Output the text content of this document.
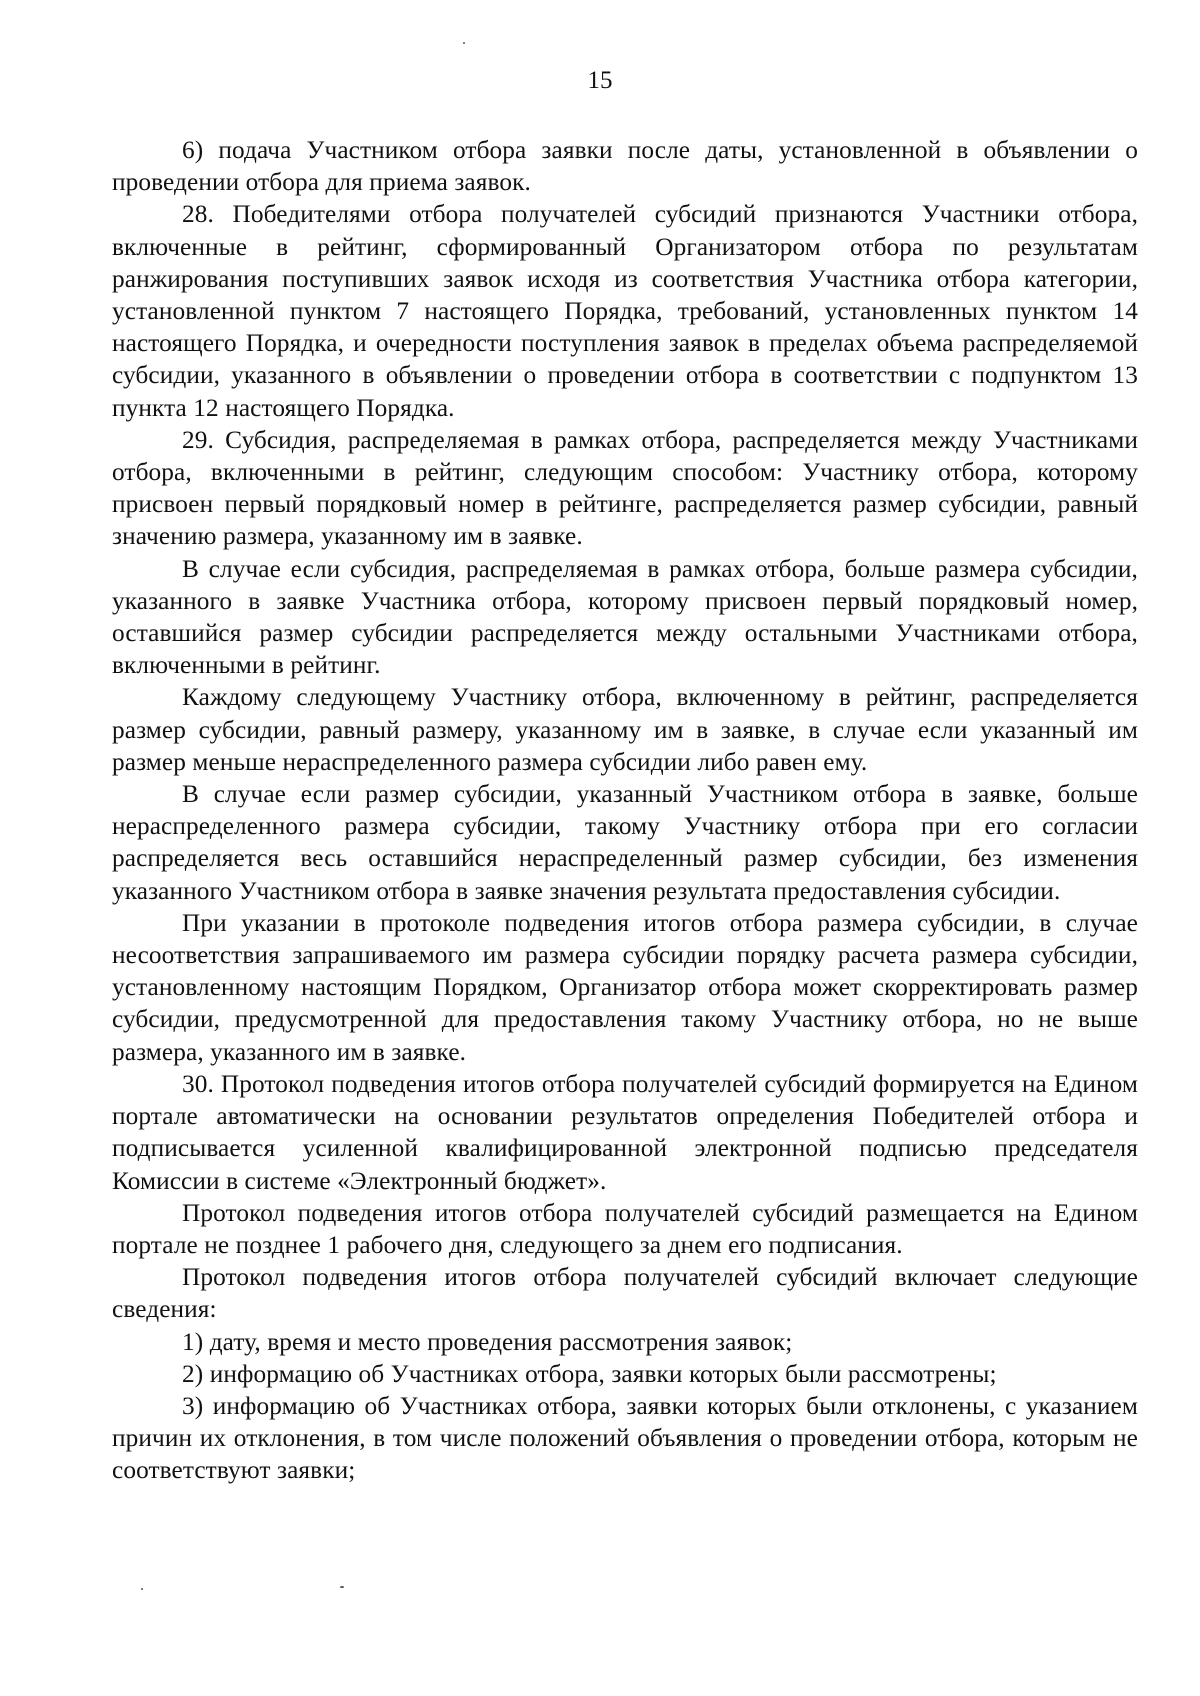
15

6) подача Участником отбора заявки после даты, установленной в объявлении о проведении отбора для приема заявок.

28. Победителями отбора получателей субсидий признаются Участники отбора, включенные в рейтинг, сформированный Организатором отбора по результатам ранжирования поступивших заявок исходя из соответствия Участника отбора категории, установленной пунктом 7 настоящего Порядка, требований, установленных пунктом 14 настоящего Порядка, и очередности поступления заявок в пределах объема распределяемой субсидии, указанного в объявлении о проведении отбора в соответствии с подпунктом 13 пункта 12 настоящего Порядка.

29. Субсидия, распределяемая в рамках отбора, распределяется между Участниками отбора, включенными в рейтинг, следующим способом: Участнику отбора, которому присвоен первый порядковый номер в рейтинге, распределяется размер субсидии, равный значению размера, указанному им в заявке.

В случае если субсидия, распределяемая в рамках отбора, больше размера субсидии, указанного в заявке Участника отбора, которому присвоен первый порядковый номер, оставшийся размер субсидии распределяется между остальными Участниками отбора, включенными в рейтинг.

Каждому следующему Участнику отбора, включенному в рейтинг, распределяется размер субсидии, равный размеру, указанному им в заявке, в случае если указанный им размер меньше нераспределенного размера субсидии либо равен ему.

В случае если размер субсидии, указанный Участником отбора в заявке, больше нераспределенного размера субсидии, такому Участнику отбора при его согласии распределяется весь оставшийся нераспределенный размер субсидии, без изменения указанного Участником отбора в заявке значения результата предоставления субсидии.

При указании в протоколе подведения итогов отбора размера субсидии, в случае несоответствия запрашиваемого им размера субсидии порядку расчета размера субсидии, установленному настоящим Порядком, Организатор отбора может скорректировать размер субсидии, предусмотренной для предоставления такому Участнику отбора, но не выше размера, указанного им в заявке.

30. Протокол подведения итогов отбора получателей субсидий формируется на Едином портале автоматически на основании результатов определения Победителей отбора и подписывается усиленной квалифицированной электронной подписью председателя Комиссии в системе «Электронный бюджет».

Протокол подведения итогов отбора получателей субсидий размещается на Едином портале не позднее 1 рабочего дня, следующего за днем его подписания.

Протокол подведения итогов отбора получателей субсидий включает следующие сведения:

1) дату, время и место проведения рассмотрения заявок;

2) информацию об Участниках отбора, заявки которых были рассмотрены;

3) информацию об Участниках отбора, заявки которых были отклонены, с указанием причин их отклонения, в том числе положений объявления о проведении отбора, которым не соответствуют заявки;
